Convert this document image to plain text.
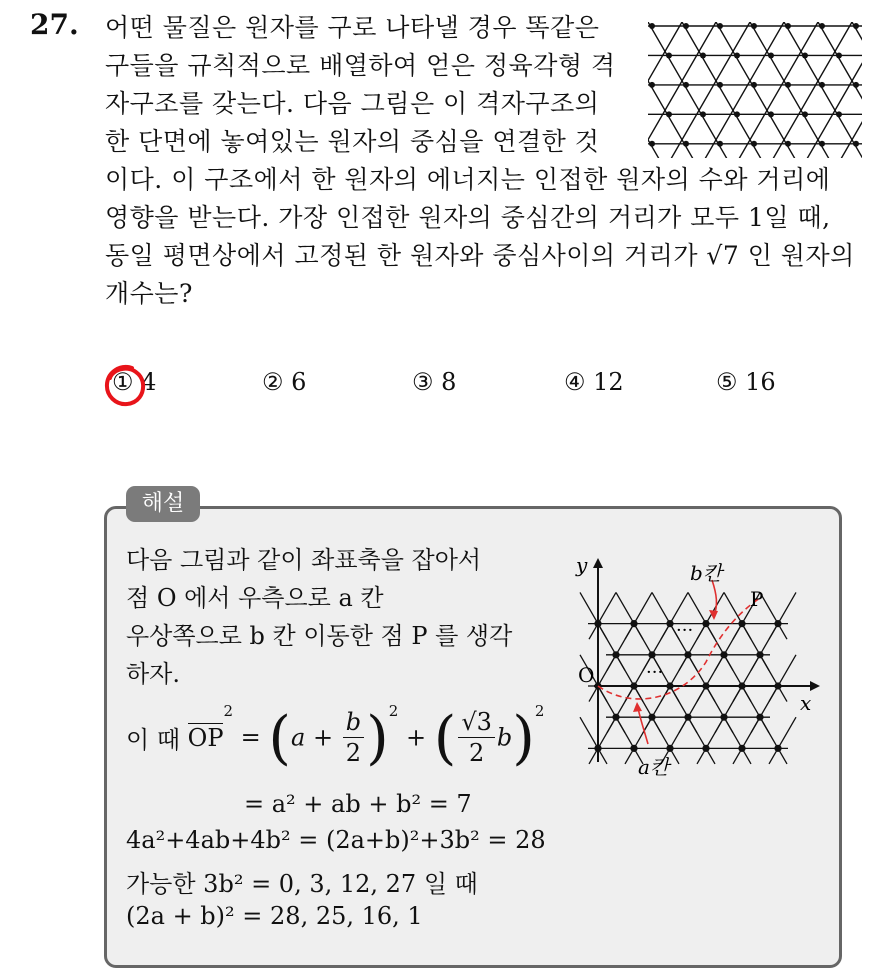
27. 어떤 물질은 원자를 구로 나타낼 경우 똑같은
구들을 규칙적으로 배열하여 얻은 정육각형 격
자구조를 갖는다. 다음 그림은 이 격자구조의
한 단면에 놓여있는 원자의 중심을 연결한 것
이다. 이 구조에서 한 원자의 에너지는 인접한 원자의 수와 거리에
영향을 받는다. 가장 인접한 원자의 중심간의 거리가 모두 1일 때,
동일 평면상에서 고정된 한 원자와 중심사이의 거리가 √7 인 원자의
개수는?
① 4	② 6	③ 8	④ 12	⑤ 16
해설
다음 그림과 같이 좌표축을 잡아서
점 O 에서 우측으로 a 칸
우상쪽으로 b 칸 이동한 점 P 를 생각
하자.
이 때 $OP^2 = (a + \frac{b}{2} )^2$ + ( $\frac{√3}{2} b)^2$
= a² + ab + b² = 7
4a²+4ab+4b² = (2a+b)²+3b² = 28
가능한 3b² = 0, 3, 12, 27 일 때
(2a + b)² = 28, 25, 16, 1
y
x
O
P
b칸
a칸
···
···
